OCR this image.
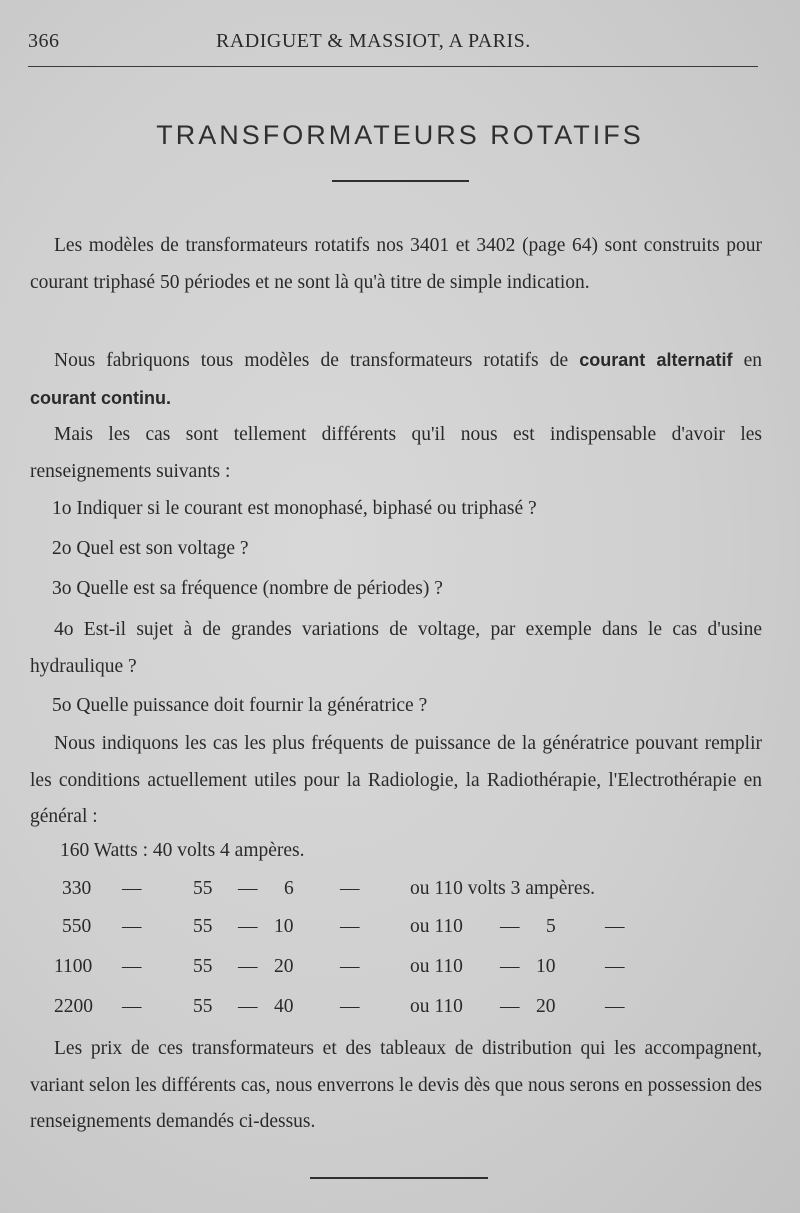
366	RADIGUET & MASSIOT, A PARIS.
TRANSFORMATEURS ROTATIFS
Les modèles de transformateurs rotatifs nos 3401 et 3402 (page 64) sont construits pour courant triphasé 50 périodes et ne sont là qu'à titre de simple indication.
Nous fabriquons tous modèles de transformateurs rotatifs de courant alternatif en courant continu.
Mais les cas sont tellement différents qu'il nous est indispensable d'avoir les renseignements suivants :
1o Indiquer si le courant est monophasé, biphasé ou triphasé ?
2o Quel est son voltage ?
3o Quelle est sa fréquence (nombre de périodes) ?
4o Est-il sujet à de grandes variations de voltage, par exemple dans le cas d'usine hydraulique ?
5o Quelle puissance doit fournir la génératrice ?
Nous indiquons les cas les plus fréquents de puissance de la génératrice pouvant remplir les conditions actuellement utiles pour la Radiologie, la Radiothérapie, l'Electrothérapie en général :
160 Watts : 40 volts 4 ampères.
330 —	55 — 6 —	ou 110 volts 3 ampères.
550 —	55 — 10 —	ou 110 — 5	—
1100 —	55 — 20 —	ou 110 — 10	—
2200 —	55 — 40 —	ou 110 — 20	—
Les prix de ces transformateurs et des tableaux de distribution qui les accompagnent, variant selon les différents cas, nous enverrons le devis dès que nous serons en possession des renseignements demandés ci-dessus.
